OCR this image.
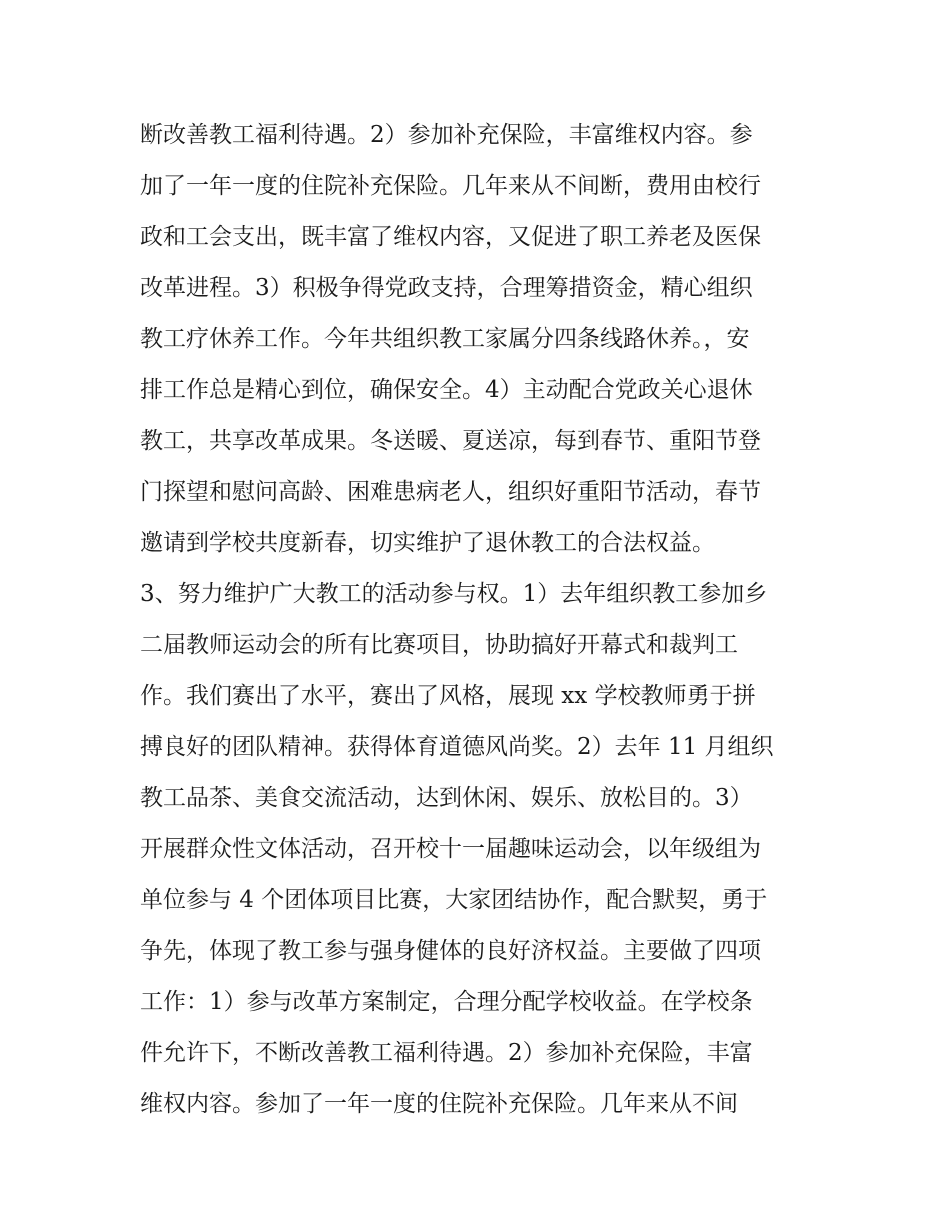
断改善教工福利待遇。2）参加补充保险，丰富维权内容。参
加了一年一度的住院补充保险。几年来从不间断，费用由校行
政和工会支出，既丰富了维权内容，又促进了职工养老及医保
改革进程。3）积极争得党政支持，合理筹措资金，精心组织
教工疗休养工作。今年共组织教工家属分四条线路休养。，安
排工作总是精心到位，确保安全。4）主动配合党政关心退休
教工，共享改革成果。冬送暖、夏送凉，每到春节、重阳节登
门探望和慰问高龄、困难患病老人，组织好重阳节活动，春节
邀请到学校共度新春，切实维护了退休教工的合法权益。
3、努力维护广大教工的活动参与权。1）去年组织教工参加乡
二届教师运动会的所有比赛项目，协助搞好开幕式和裁判工
作。我们赛出了水平，赛出了风格，展现 xx 学校教师勇于拼
搏良好的团队精神。获得体育道德风尚奖。2）去年 11 月组织
教工品茶、美食交流活动，达到休闲、娱乐、放松目的。3）
开展群众性文体活动，召开校十一届趣味运动会，以年级组为
单位参与 4 个团体项目比赛，大家团结协作，配合默契，勇于
争先，体现了教工参与强身健体的良好济权益。主要做了四项
工作：1）参与改革方案制定，合理分配学校收益。在学校条
件允许下，不断改善教工福利待遇。2）参加补充保险，丰富
维权内容。参加了一年一度的住院补充保险。几年来从不间
